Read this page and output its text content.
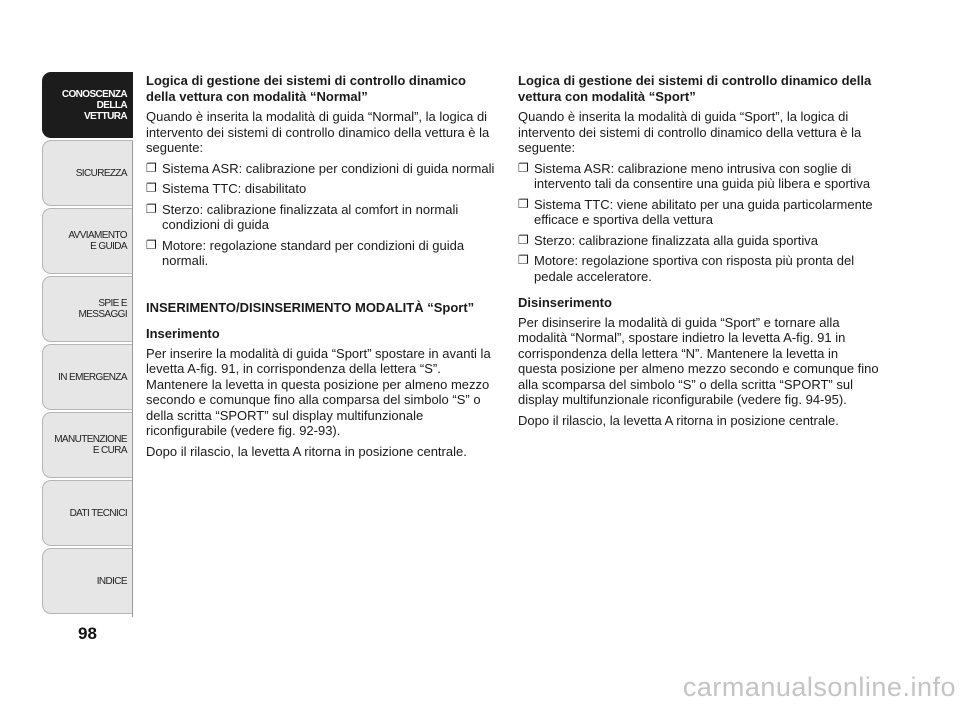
CONOSCENZA
DELLA
VETTURA
SICUREZZA
AVVIAMENTO
E GUIDA
SPIE E
MESSAGGI
IN EMERGENZA
MANUTENZIONE
E CURA
DATI TECNICI
INDICE
98
Logica di gestione dei sistemi di controllo dinamico della vettura con modalità “Normal”

Quando è inserita la modalità di guida “Normal”, la logica di intervento dei sistemi di controllo dinamico della vettura è la seguente:

❐ Sistema ASR: calibrazione per condizioni di guida normali
❐ Sistema TTC: disabilitato
❐ Sterzo: calibrazione finalizzata al comfort in normali condizioni di guida
❐ Motore: regolazione standard per condizioni di guida normali.
INSERIMENTO/DISINSERIMENTO MODALITÀ “Sport”
Inserimento

Per inserire la modalità di guida “Sport” spostare in avanti la levetta A-fig. 91, in corrispondenza della lettera “S”. Mantenere la levetta in questa posizione per almeno mezzo secondo e comunque fino alla comparsa del simbolo “S” o della scritta “SPORT” sul display multifunzionale riconfigurabile (vedere fig. 92-93).

Dopo il rilascio, la levetta A ritorna in posizione centrale.

Logica di gestione dei sistemi di controllo dinamico della vettura con modalità “Sport”

Quando è inserita la modalità di guida “Sport”, la logica di intervento dei sistemi di controllo dinamico della vettura è la seguente:

❐ Sistema ASR: calibrazione meno intrusiva con soglie di intervento tali da consentire una guida più libera e sportiva
❐ Sistema TTC: viene abilitato per una guida particolarmente efficace e sportiva della vettura
❐ Sterzo: calibrazione finalizzata alla guida sportiva
❐ Motore: regolazione sportiva con risposta più pronta del pedale acceleratore.
Disinserimento

Per disinserire la modalità di guida “Sport” e tornare alla modalità “Normal”, spostare indietro la levetta A-fig. 91 in corrispondenza della lettera “N”. Mantenere la levetta in questa posizione per almeno mezzo secondo e comunque fino alla scomparsa del simbolo “S” o della scritta “SPORT” sul display multifunzionale riconfigurabile (vedere fig. 94-95).

Dopo il rilascio, la levetta A ritorna in posizione centrale.

carmanualsonline.info
